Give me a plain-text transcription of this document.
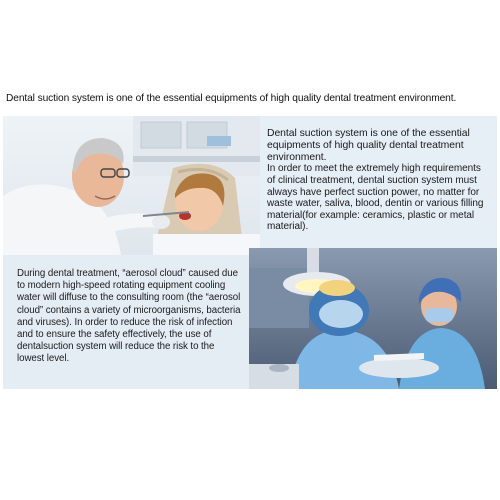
Dental suction system is one of the essential equipments of high quality dental treatment environment.

Dental suction system is one of the essential equipments of high quality dental treatment environment.

In order to meet the extremely high requirements of clinical treatment, dental suction system must always have perfect suction power, no matter for waste water, saliva, blood, dentin or various filling material(for example: ceramics, plastic or metal material).

During dental treatment, “aerosol cloud” caused due to modern high-speed rotating equipment cooling water will diffuse to the consulting room (the “aerosol cloud” contains a variety of microorganisms, bacteria and viruses). In order to reduce the risk of infection and to ensure the safety effectively, the use of dentalsuction system will reduce the risk to the lowest level.
